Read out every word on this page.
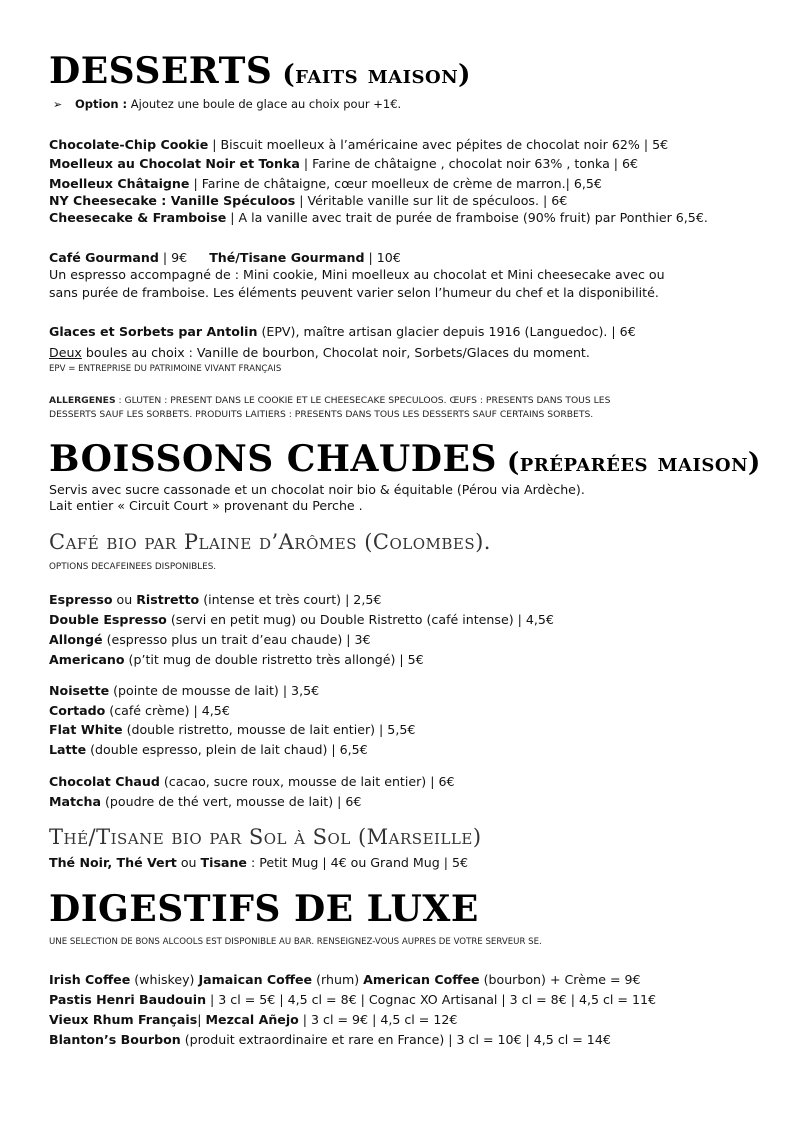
DESSERTS (faits maison)
➢ Option : Ajoutez une boule de glace au choix pour +1€.
Chocolate-Chip Cookie | Biscuit moelleux à l’américaine avec pépites de chocolat noir 62% | 5€
Moelleux au Chocolat Noir et Tonka | Farine de châtaigne , chocolat noir 63% , tonka | 6€
Moelleux Châtaigne | Farine de châtaigne, cœur moelleux de crème de marron.| 6,5€
NY Cheesecake : Vanille Spéculoos | Véritable vanille sur lit de spéculoos. | 6€
Cheesecake & Framboise | A la vanille avec trait de purée de framboise (90% fruit) par Ponthier 6,5€.
Café Gourmand | 9€ Thé/Tisane Gourmand | 10€
Un espresso accompagné de : Mini cookie, Mini moelleux au chocolat et Mini cheesecake avec ou
sans purée de framboise. Les éléments peuvent varier selon l’humeur du chef et la disponibilité.
Glaces et Sorbets par Antolin (EPV), maître artisan glacier depuis 1916 (Languedoc). | 6€
Deux boules au choix : Vanille de bourbon, Chocolat noir, Sorbets/Glaces du moment.
EPV = ENTREPRISE DU PATRIMOINE VIVANT FRANÇAIS
ALLERGENES : GLUTEN : PRESENT DANS LE COOKIE ET LE CHEESECAKE SPECULOOS. ŒUFS : PRESENTS DANS TOUS LES
DESSERTS SAUF LES SORBETS. PRODUITS LAITIERS : PRESENTS DANS TOUS LES DESSERTS SAUF CERTAINS SORBETS.
BOISSONS CHAUDES (préparées maison)
Servis avec sucre cassonade et un chocolat noir bio & équitable (Pérou via Ardèche).
Lait entier « Circuit Court » provenant du Perche .
Café bio par Plaine d’Arômes (Colombes).
OPTIONS DECAFEINEES DISPONIBLES.
Espresso ou Ristretto (intense et très court) | 2,5€
Double Espresso (servi en petit mug) ou Double Ristretto (café intense) | 4,5€
Allongé (espresso plus un trait d’eau chaude) | 3€
Americano (p’tit mug de double ristretto très allongé) | 5€
Noisette (pointe de mousse de lait) | 3,5€
Cortado (café crème) | 4,5€
Flat White (double ristretto, mousse de lait entier) | 5,5€
Latte (double espresso, plein de lait chaud) | 6,5€
Chocolat Chaud (cacao, sucre roux, mousse de lait entier) | 6€
Matcha (poudre de thé vert, mousse de lait) | 6€
Thé/Tisane bio par Sol à Sol (Marseille)
Thé Noir, Thé Vert ou Tisane : Petit Mug | 4€ ou Grand Mug | 5€
DIGESTIFS DE LUXE
UNE SELECTION DE BONS ALCOOLS EST DISPONIBLE AU BAR. RENSEIGNEZ-VOUS AUPRES DE VOTRE SERVEUR SE.
Irish Coffee (whiskey) Jamaican Coffee (rhum) American Coffee (bourbon) + Crème = 9€
Pastis Henri Baudouin | 3 cl = 5€ | 4,5 cl = 8€ | Cognac XO Artisanal | 3 cl = 8€ | 4,5 cl = 11€
Vieux Rhum Français| Mezcal Añejo | 3 cl = 9€ | 4,5 cl = 12€
Blanton’s Bourbon (produit extraordinaire et rare en France) | 3 cl = 10€ | 4,5 cl = 14€
